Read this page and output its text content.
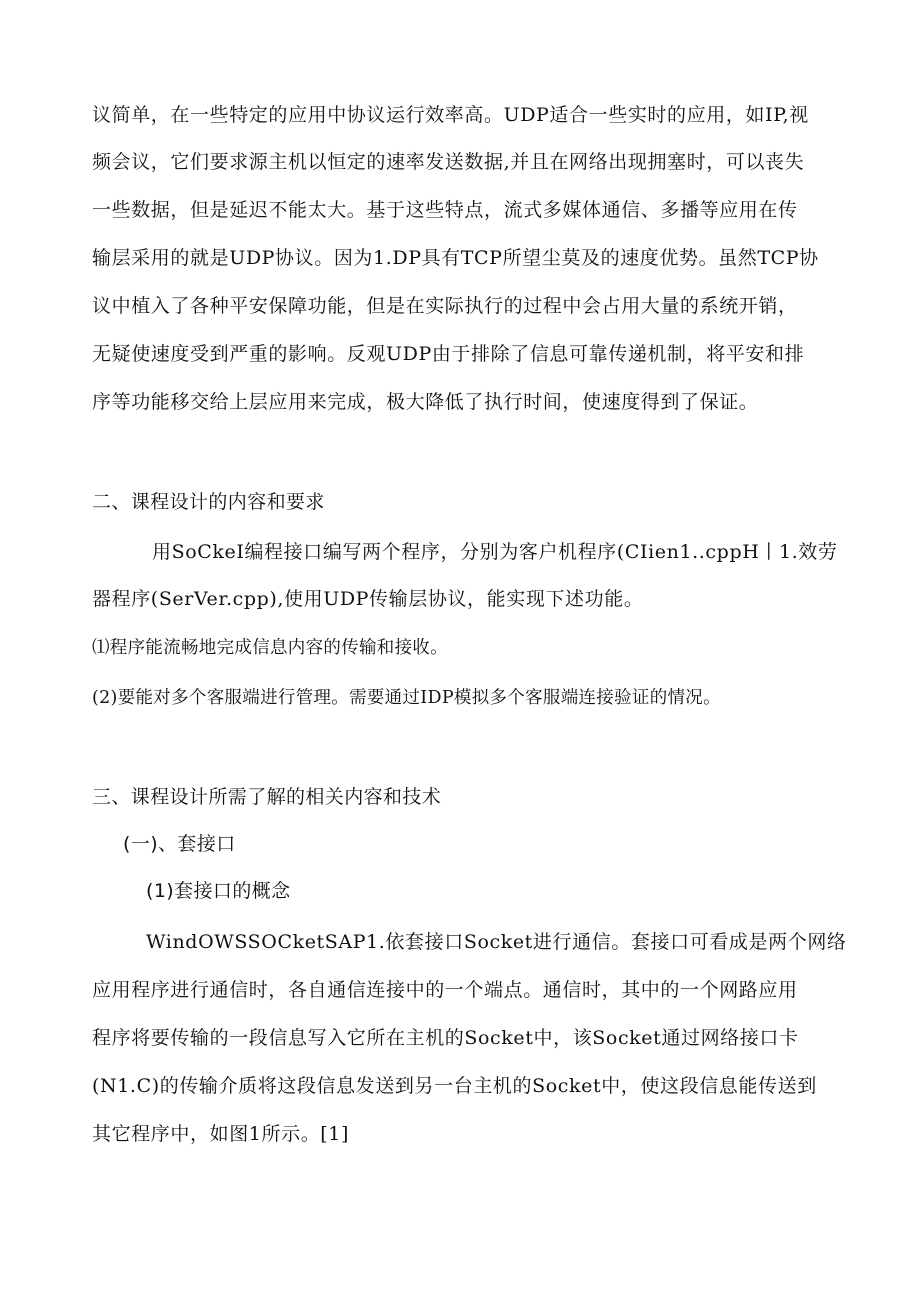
议简单，在一些特定的应用中协议运行效率高。UDP适合一些实时的应用，如IP,视
频会议，它们要求源主机以恒定的速率发送数据,并且在网络出现拥塞时，可以丧失
一些数据，但是延迟不能太大。基于这些特点，流式多媒体通信、多播等应用在传
输层采用的就是UDP协议。因为1.DP具有TCP所望尘莫及的速度优势。虽然TCP协
议中植入了各种平安保障功能，但是在实际执行的过程中会占用大量的系统开销，
无疑使速度受到严重的影响。反观UDP由于排除了信息可靠传递机制，将平安和排
序等功能移交给上层应用来完成，极大降低了执行时间，使速度得到了保证。
二、课程设计的内容和要求
用SoCkeI编程接口编写两个程序，分别为客户机程序(CIien1..cppH丨1.效劳
器程序(SerVer.cpp),使用UDP传输层协议，能实现下述功能。
⑴程序能流畅地完成信息内容的传输和接收。
(2)要能对多个客服端进行管理。需要通过IDP模拟多个客服端连接验证的情况。
三、课程设计所需了解的相关内容和技术
(一)、套接口
(1)套接口的概念
WindOWSSOCketSAP1.依套接口Socket进行通信。套接口可看成是两个网络
应用程序进行通信时，各自通信连接中的一个端点。通信时，其中的一个网路应用
程序将要传输的一段信息写入它所在主机的Socket中，该Socket通过网络接口卡
(N1.C)的传输介质将这段信息发送到另一台主机的Socket中，使这段信息能传送到
其它程序中，如图1所示。[1]
